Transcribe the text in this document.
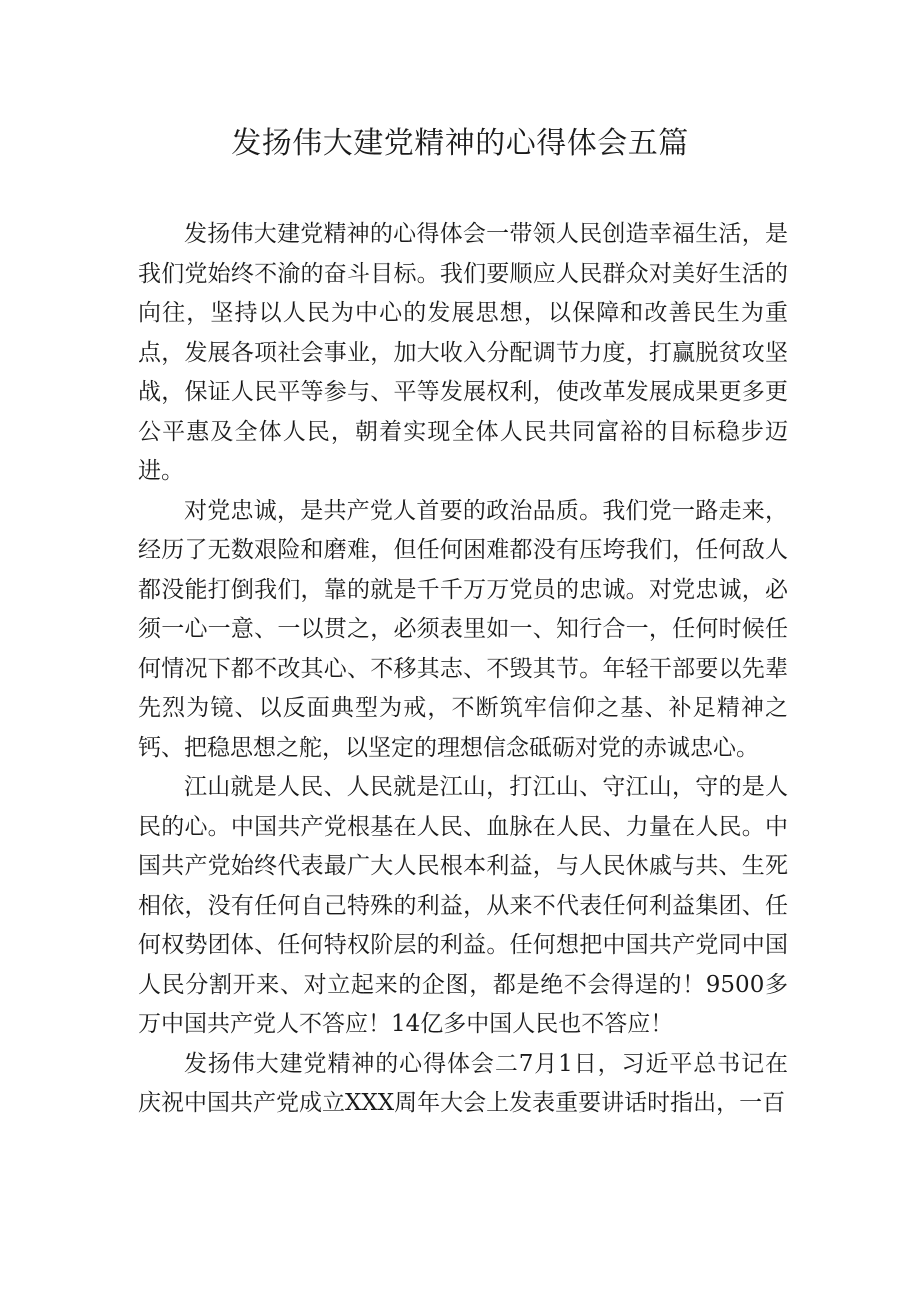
发扬伟大建党精神的心得体会五篇

发扬伟大建党精神的心得体会一带领人民创造幸福生活，是我们党始终不渝的奋斗目标。我们要顺应人民群众对美好生活的向往，坚持以人民为中心的发展思想，以保障和改善民生为重点，发展各项社会事业，加大收入分配调节力度，打赢脱贫攻坚战，保证人民平等参与、平等发展权利，使改革发展成果更多更公平惠及全体人民，朝着实现全体人民共同富裕的目标稳步迈进。

对党忠诚，是共产党人首要的政治品质。我们党一路走来，经历了无数艰险和磨难，但任何困难都没有压垮我们，任何敌人都没能打倒我们，靠的就是千千万万党员的忠诚。对党忠诚，必须一心一意、一以贯之，必须表里如一、知行合一，任何时候任何情况下都不改其心、不移其志、不毁其节。年轻干部要以先辈先烈为镜、以反面典型为戒，不断筑牢信仰之基、补足精神之钙、把稳思想之舵，以坚定的理想信念砥砺对党的赤诚忠心。

江山就是人民、人民就是江山，打江山、守江山，守的是人民的心。中国共产党根基在人民、血脉在人民、力量在人民。中国共产党始终代表最广大人民根本利益，与人民休戚与共、生死相依，没有任何自己特殊的利益，从来不代表任何利益集团、任何权势团体、任何特权阶层的利益。任何想把中国共产党同中国人民分割开来、对立起来的企图，都是绝不会得逞的！9500多万中国共产党人不答应！14亿多中国人民也不答应！

发扬伟大建党精神的心得体会二7月1日，习近平总书记在庆祝中国共产党成立XXX周年大会上发表重要讲话时指出，一百
